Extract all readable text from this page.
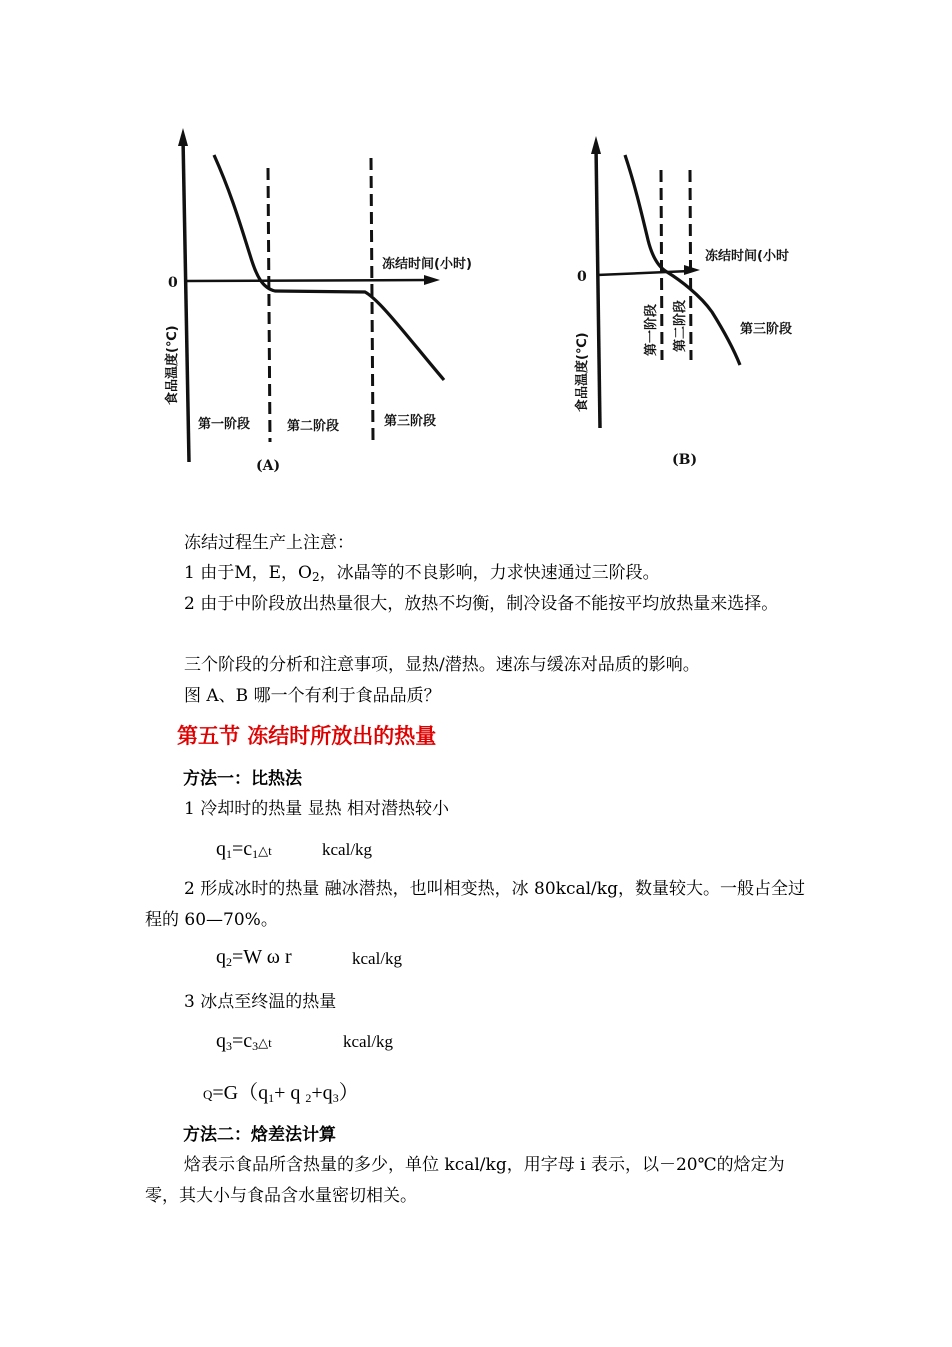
0
冻结时间(小时)
食品温度(℃)
第一阶段	第二阶段	第三阶段
(A)
0
冻结时间(小时
食品温度(℃)
第一阶段 第二阶段	第三阶段
(B)
冻结过程生产上注意：
1 由于M，E，$O_2$，冰晶等的不良影响，力求快速通过三阶段。
2 由于中阶段放出热量很大，放热不均衡，制冷设备不能按平均放热量来选择。
三个阶段的分析和注意事项，显热/潜热。速冻与缓冻对品质的影响。
图 A、B 哪一个有利于食品品质？
第五节 冻结时所放出的热量
方法一：比热法
1 冷却时的热量 显热 相对潜热较小
$q_1=c_1\triangle t$	kcal/kg
2 形成冰时的热量 融冰潜热，也叫相变热，冰 80kcal/kg，数量较大。一般占全过程的 60—70%。
$q_2=W$ ω r	kcal/kg
3 冰点至终温的热量
$q_3=c_3\triangle t$	kcal/kg
$Q=G(q_1+ q$ $_2+q_3$）
方法二：焓差法计算
焓表示食品所含热量的多少，单位 kcal/kg，用字母 i 表示，以－20℃的焓定为零，其大小与食品含水量密切相关。
